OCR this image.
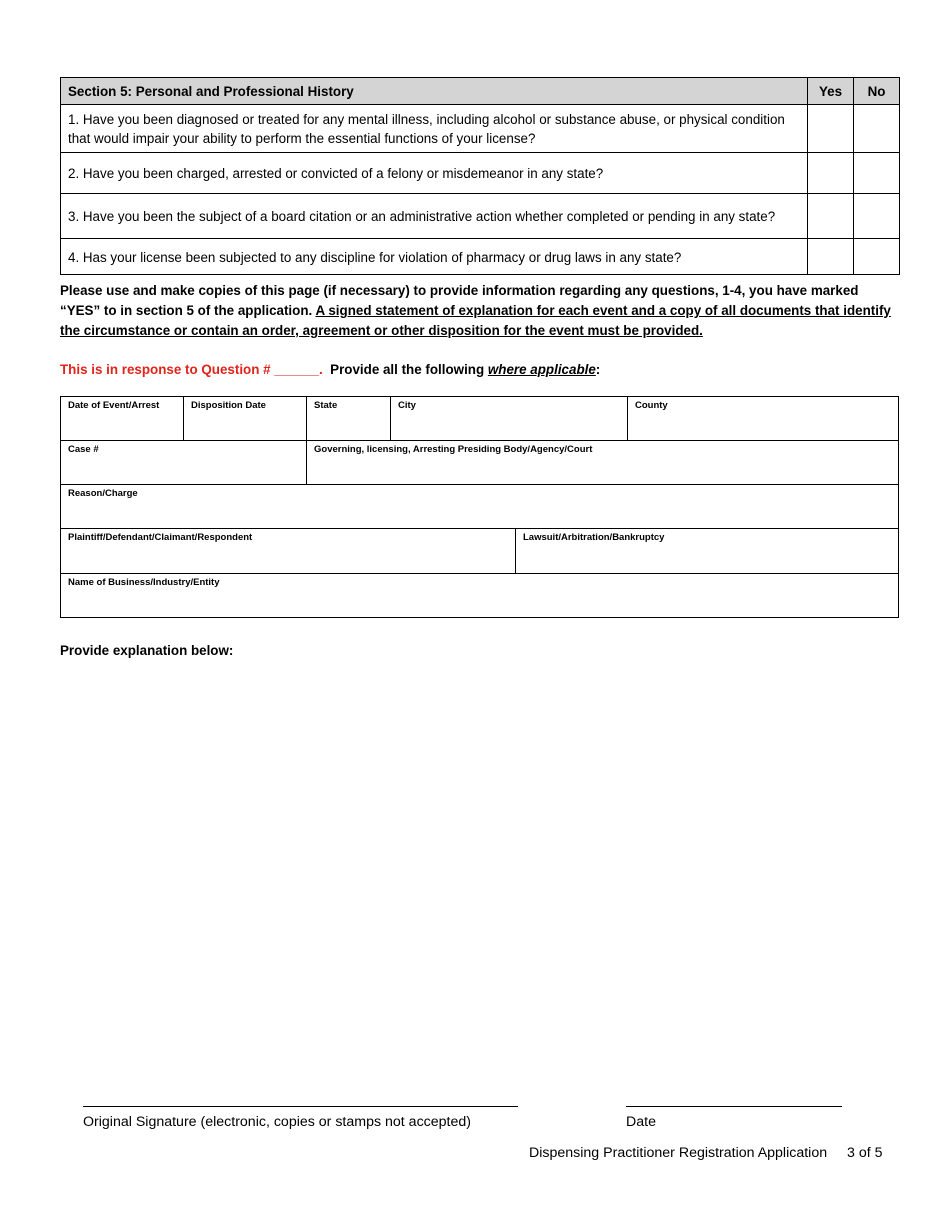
Section 5: Personal and Professional History	Yes	No
1. Have you been diagnosed or treated for any mental illness, including alcohol or substance abuse, or physical condition that would impair your ability to perform the essential functions of your license?		
2. Have you been charged, arrested or convicted of a felony or misdemeanor in any state?		
3. Have you been the subject of a board citation or an administrative action whether completed or pending in any state?		
4. Has your license been subjected to any discipline for violation of pharmacy or drug laws in any state?		
Please use and make copies of this page (if necessary) to provide information regarding any questions, 1-4, you have marked “YES” to in section 5 of the application. A signed statement of explanation for each event and a copy of all documents that identify the circumstance or contain an order, agreement or other disposition for the event must be provided.
This is in response to Question # ______.  Provide all the following where applicable:
Date of Event/Arrest	Disposition Date	State	City	County
Case #	Governing, licensing, Arresting Presiding Body/Agency/Court
Reason/Charge
Plaintiff/Defendant/Claimant/Respondent	Lawsuit/Arbitration/Bankruptcy
Name of Business/Industry/Entity
Provide explanation below:
Original Signature (electronic, copies or stamps not accepted)	Date
Dispensing Practitioner Registration Application 3 of 5
